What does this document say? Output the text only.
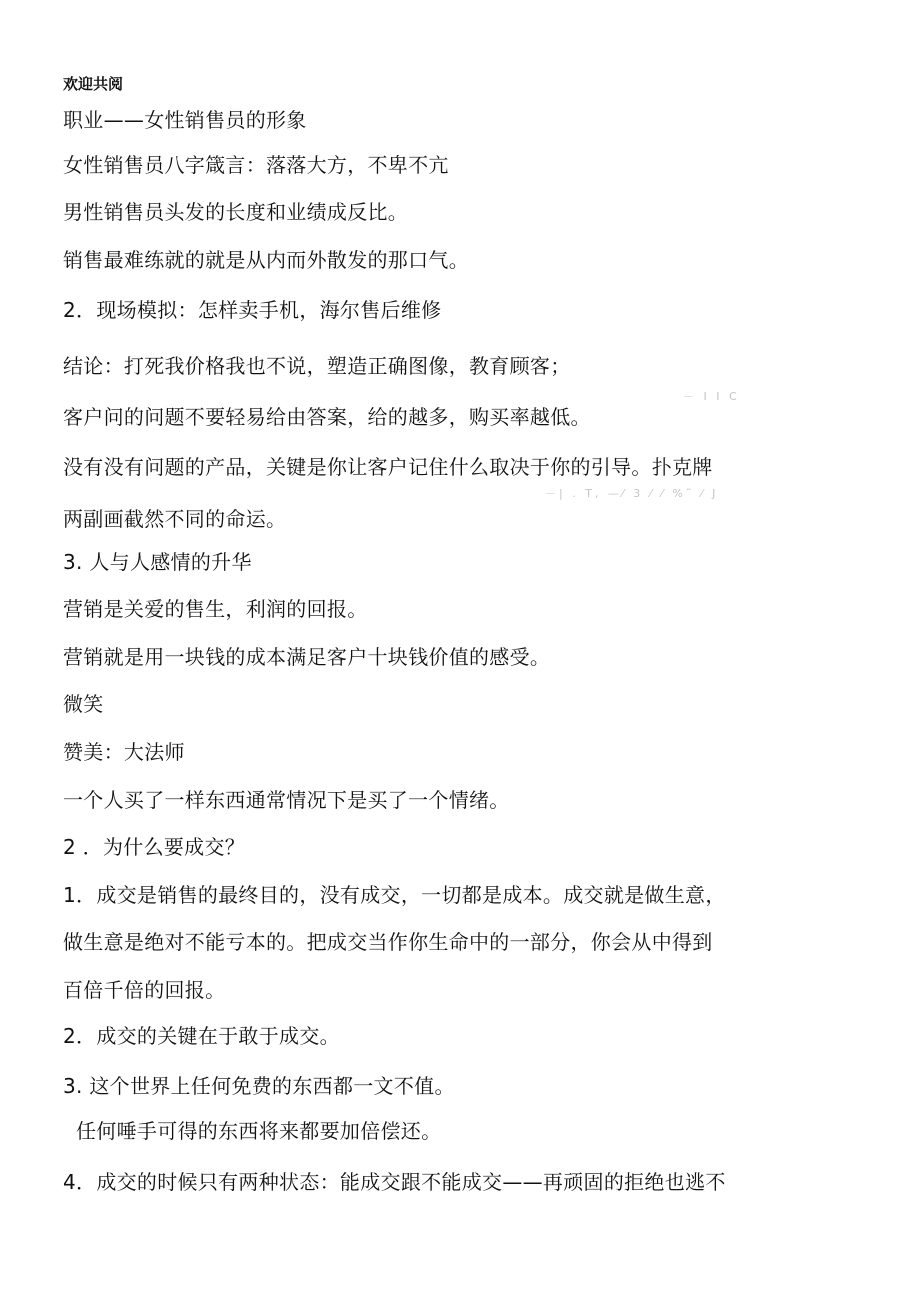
欢迎共阅
职业——女性销售员的形象
女性销售员八字箴言：落落大方，不卑不亢
男性销售员头发的长度和业绩成反比。
销售最难练就的就是从内而外散发的那口气。
2．现场模拟：怎样卖手机，海尔售后维修
结论：打死我价格我也不说，塑造正确图像，教育顾客；
客户问的问题不要轻易给由答案，给的越多，购买率越低。
没有没有问题的产品，关键是你让客户记住什么取决于你的引导。扑克牌
两副画截然不同的命运。
3. 人与人感情的升华
营销是关爱的售生，利润的回报。
营销就是用一块钱的成本满足客户十块钱价值的感受。
微笑
赞美：大法师
一个人买了一样东西通常情况下是买了一个情绪。
2 ．为什么要成交？
1．成交是销售的最终目的，没有成交，一切都是成本。成交就是做生意，
做生意是绝对不能亏本的。把成交当作你生命中的一部分，你会从中得到
百倍千倍的回报。
2．成交的关键在于敢于成交。
3. 这个世界上任何免费的东西都一文不值。
任何唾手可得的东西将来都要加倍偿还。
4．成交的时候只有两种状态：能成交跟不能成交——再顽固的拒绝也逃不
－ I I C
－| . T, —⁄ 3 ⁄ ⁄ %˜ ⁄ J
